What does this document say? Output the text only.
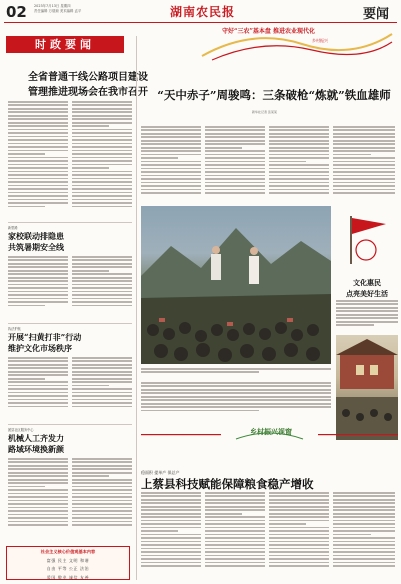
02 2023年7月13日 星期四
责任编辑 万瑞琼 美术编辑 孟平	湖南农民报	要闻
守好“三农”基本盘 推进农业现代化
乡村振兴
时政要闻
全省普通干线公路项目建设
管理推进现场会在我市召开 “天中赤子”周骏鸣：三条破枪“炼就”铁血雄师
新华社记者 张某某
文化惠民
点亮美好生活
新思路
家校联动排隐患
共筑暑期安全线
执法护航
开展“扫黄打非”行动
维护文化市场秩序
团县社区服务中心
机械人工齐发力
路域环境换新颜
社会主义核心价值观基本内容
富强 民主 文明 和谐
自由 平等 公正 法治
爱国 敬业 诚信 友善
乡村振兴视窗
稳面积 提单产 保总产
上蔡县科技赋能保障粮食稳产增收
